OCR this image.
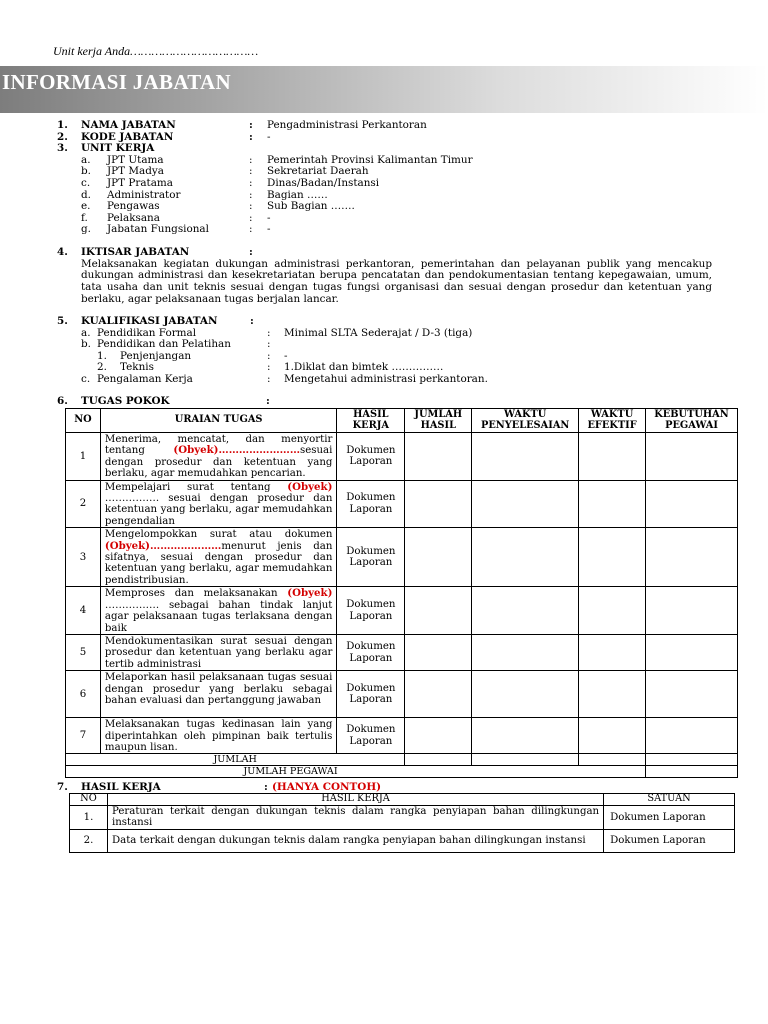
Unit kerja Anda………………………………
INFORMASI JABATAN
1. NAMA JABATAN	: Pengadministrasi Perkantoran
2. KODE JABATAN	: -
3. UNIT KERJA
a. JPT Utama	: Pemerintah Provinsi Kalimantan Timur
b. JPT Madya	: Sekretariat Daerah
c. JPT Pratama	: Dinas/Badan/Instansi
d. Administrator	: Bagian ……
e. Pengawas	: Sub Bagian …….
f. Pelaksana	: -
g. Jabatan Fungsional	: -
4. IKTISAR JABATAN	:
Melaksanakan kegiatan dukungan administrasi perkantoran, pemerintahan dan pelayanan publik yang mencakup dukungan administrasi dan kesekretariatan berupa pencatatan dan pendokumentasian tentang kepegawaian, umum, tata usaha dan unit teknis sesuai dengan tugas fungsi organisasi dan sesuai dengan prosedur dan ketentuan yang berlaku, agar pelaksanaan tugas berjalan lancar.
5. KUALIFIKASI JABATAN	:
a. Pendidikan Formal	: Minimal SLTA Sederajat / D-3 (tiga)
b. Pendidikan dan Pelatihan	:
1. Penjenjangan	: -
2. Teknis	: 1.Diklat dan bimtek ……………
c. Pengalaman Kerja	: Mengetahui administrasi perkantoran.
6. TUGAS POKOK	:
NO	URAIAN TUGAS	HASIL KERJA	JUMLAH HASIL	WAKTU PENYELESAIAN	WAKTU EFEKTIF	KEBUTUHAN PEGAWAI
1	Menerima, mencatat, dan menyortir tentang (Obyek)……………………sesuai dengan prosedur dan ketentuan yang berlaku, agar memudahkan pencarian.	Dokumen
Laporan				
2	Mempelajari surat tentang (Obyek) ……………. sesuai dengan prosedur dan ketentuan yang berlaku, agar memudahkan pengendalian	Dokumen
Laporan				
3	Mengelompokkan surat atau dokumen (Obyek)…………………menurut jenis dan sifatnya, sesuai dengan prosedur dan ketentuan yang berlaku, agar memudahkan pendistribusian.	Dokumen
Laporan				
4	Memproses dan melaksanakan (Obyek) ……………. sebagai bahan tindak lanjut agar pelaksanaan tugas terlaksana dengan baik	Dokumen
Laporan				
5	Mendokumentasikan surat sesuai dengan prosedur dan ketentuan yang berlaku agar tertib administrasi	Dokumen
Laporan				
6	Melaporkan hasil pelaksanaan tugas sesuai dengan prosedur yang berlaku sebagai bahan evaluasi dan pertanggung jawaban	Dokumen
Laporan				
7	Melaksanakan tugas kedinasan lain yang diperintahkan oleh pimpinan baik tertulis maupun lisan.	Dokumen
Laporan				
JUMLAH						
JUMLAH PEGAWAI						
7. HASIL KERJA	: (HANYA CONTOH)
NO	HASIL KERJA	SATUAN
1.	Peraturan terkait dengan dukungan teknis dalam rangka penyiapan bahan dilingkungan instansi	Dokumen Laporan
2.	Data terkait dengan dukungan teknis dalam rangka penyiapan bahan dilingkungan instansi	Dokumen Laporan
